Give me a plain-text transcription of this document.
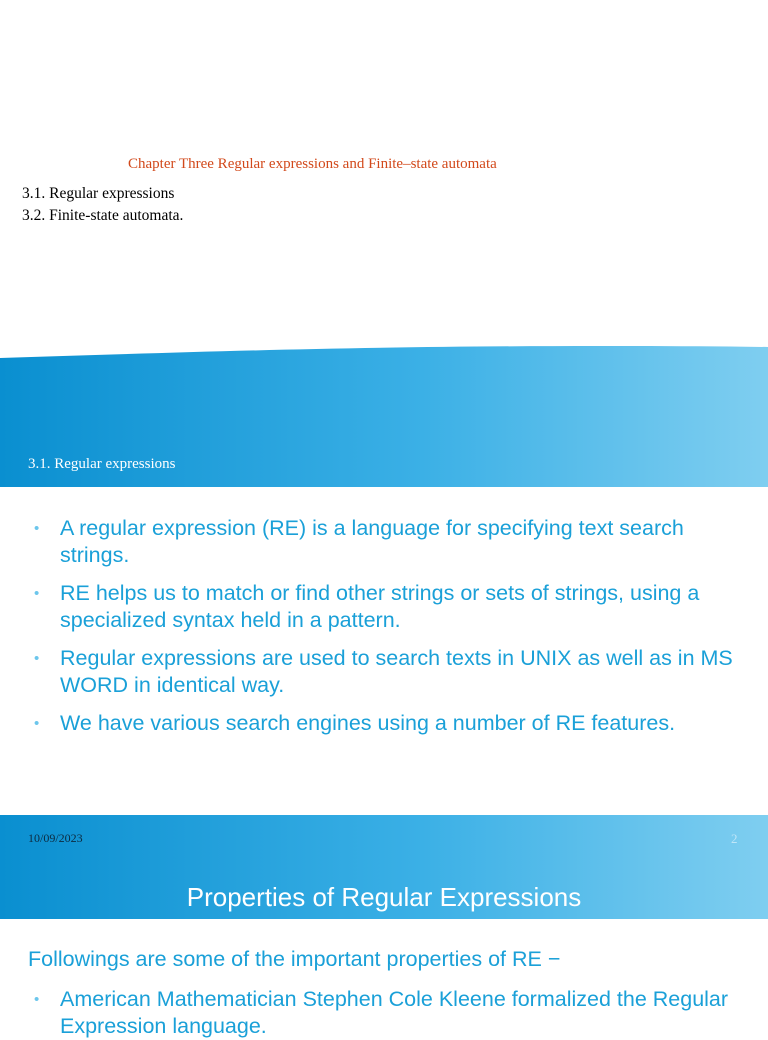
Chapter Three Regular expressions and Finite–state automata
3.1. Regular expressions
3.2. Finite-state automata.
3.1. Regular expressions
• A regular expression (RE) is a language for specifying text search strings.
• RE helps us to match or find other strings or sets of strings, using a specialized syntax held in a pattern.
• Regular expressions are used to search texts in UNIX as well as in MS WORD in identical way.
• We have various search engines using a number of RE features.
10/09/2023	2
Properties of Regular Expressions
Followings are some of the important properties of RE −
• American Mathematician Stephen Cole Kleene formalized the Regular Expression language.
